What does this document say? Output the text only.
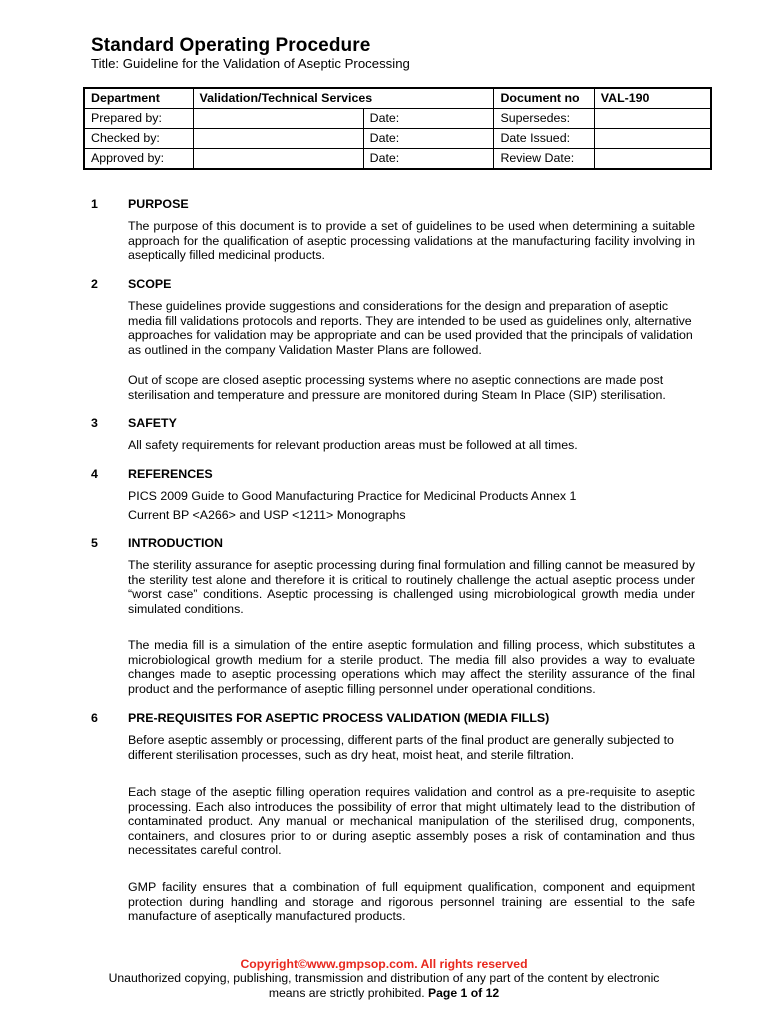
Standard Operating Procedure
Title: Guideline for the Validation of Aseptic Processing
Department	Validation/Technical Services		Document no	VAL-190
Prepared by:		Date:	Supersedes:	
Checked by:		Date:	Date Issued:	
Approved by:		Date:	Review Date:	
1 PURPOSE
The purpose of this document is to provide a set of guidelines to be used when determining a suitable approach for the qualification of aseptic processing validations at the manufacturing facility involving in aseptically filled medicinal products.
2 SCOPE
These guidelines provide suggestions and considerations for the design and preparation of aseptic media fill validations protocols and reports. They are intended to be used as guidelines only, alternative approaches for validation may be appropriate and can be used provided that the principals of validation as outlined in the company Validation Master Plans are followed.
Out of scope are closed aseptic processing systems where no aseptic connections are made post sterilisation and temperature and pressure are monitored during Steam In Place (SIP) sterilisation.
3 SAFETY
All safety requirements for relevant production areas must be followed at all times.
4 REFERENCES
PICS 2009 Guide to Good Manufacturing Practice for Medicinal Products Annex 1
Current BP <A266> and USP <1211> Monographs
5 INTRODUCTION
The sterility assurance for aseptic processing during final formulation and filling cannot be measured by the sterility test alone and therefore it is critical to routinely challenge the actual aseptic process under “worst case” conditions. Aseptic processing is challenged using microbiological growth media under simulated conditions.
The media fill is a simulation of the entire aseptic formulation and filling process, which substitutes a microbiological growth medium for a sterile product. The media fill also provides a way to evaluate changes made to aseptic processing operations which may affect the sterility assurance of the final product and the performance of aseptic filling personnel under operational conditions.
6 PRE-REQUISITES FOR ASEPTIC PROCESS VALIDATION (MEDIA FILLS)
Before aseptic assembly or processing, different parts of the final product are generally subjected to different sterilisation processes, such as dry heat, moist heat, and sterile filtration.
Each stage of the aseptic filling operation requires validation and control as a pre-requisite to aseptic processing. Each also introduces the possibility of error that might ultimately lead to the distribution of contaminated product. Any manual or mechanical manipulation of the sterilised drug, components, containers, and closures prior to or during aseptic assembly poses a risk of contamination and thus necessitates careful control.
GMP facility ensures that a combination of full equipment qualification, component and equipment protection during handling and storage and rigorous personnel training are essential to the safe manufacture of aseptically manufactured products.
Copyright©www.gmpsop.com. All rights reserved
Unauthorized copying, publishing, transmission and distribution of any part of the content by electronic
means are strictly prohibited. Page 1 of 12
